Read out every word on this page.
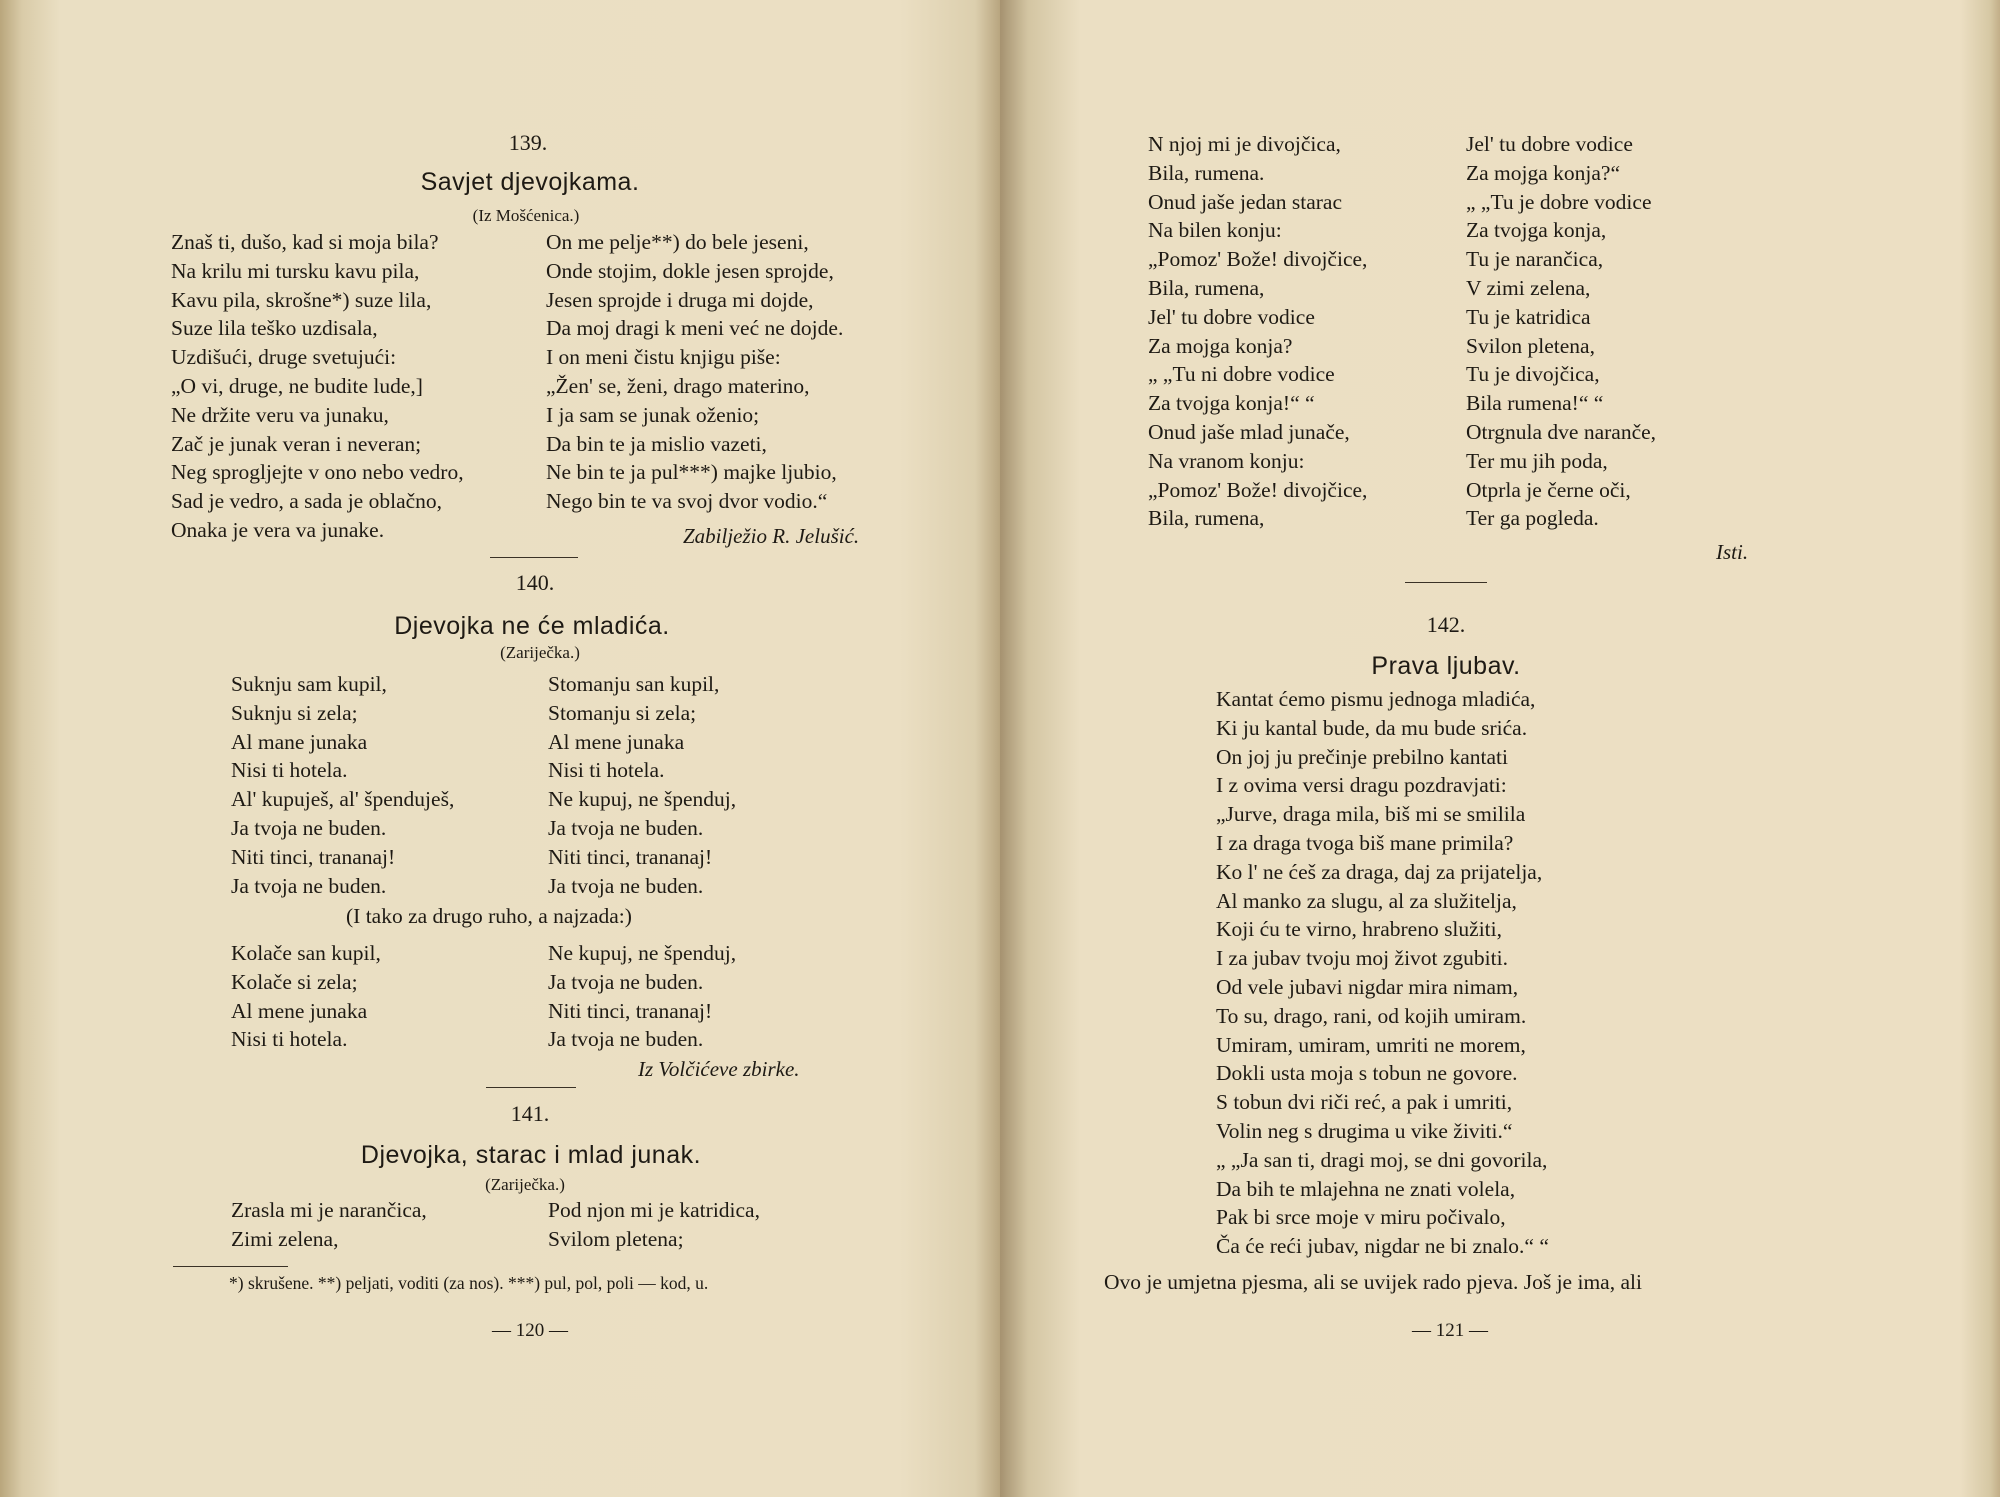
139.
Savjet djevojkama.
(Iz Mošćenica.)
Znaš ti, dušo, kad si moja bila?
Na krilu mi tursku kavu pila,
Kavu pila, skrošne*) suze lila,
Suze lila teško uzdisala,
Uzdišući, druge svetujući:
„O vi, druge, ne budite lude,]
Ne držite veru va junaku,
Zač je junak veran i neveran;
Neg sprogljejte v ono nebo vedro,
Sad je vedro, a sada je oblačno,
Onaka je vera va junake.
On me pelje**) do bele jeseni,
Onde stojim, dokle jesen sprojde,
Jesen sprojde i druga mi dojde,
Da moj dragi k meni već ne dojde.
I on meni čistu knjigu piše:
„Žen' se, ženi, drago materino,
I ja sam se junak oženio;
Da bin te ja mislio vazeti,
Ne bin te ja pul***) majke ljubio,
Nego bin te va svoj dvor vodio.“
Zabilježio R. Jelušić.
140.
Djevojka ne će mladića.
(Zariječka.)
Suknju sam kupil,
Suknju si zela;
Al mane junaka
Nisi ti hotela.
Al' kupuješ, al' špenduješ,
Ja tvoja ne buden.
Niti tinci, trananaj!
Ja tvoja ne buden.
Stomanju san kupil,
Stomanju si zela;
Al mene junaka
Nisi ti hotela.
Ne kupuj, ne špenduj,
Ja tvoja ne buden.
Niti tinci, trananaj!
Ja tvoja ne buden.
(I tako za drugo ruho, a najzada:)
Kolače san kupil,
Kolače si zela;
Al mene junaka
Nisi ti hotela.
Ne kupuj, ne špenduj,
Ja tvoja ne buden.
Niti tinci, trananaj!
Ja tvoja ne buden.
Iz Volčićeve zbirke.
141.
Djevojka, starac i mlad junak.
(Zariječka.)
Zrasla mi je narančica,
Zimi zelena,
Pod njon mi je katridica,
Svilom pletena;
*) skrušene. **) peljati, voditi (za nos). ***) pul, pol, poli — kod, u.
— 120 —
N njoj mi je divojčica,
Bila, rumena.
Onud jaše jedan starac
Na bilen konju:
„Pomoz' Bože! divojčice,
Bila, rumena,
Jel' tu dobre vodice
Za mojga konja?
„ „Tu ni dobre vodice
Za tvojga konja!“ “
Onud jaše mlad junače,
Na vranom konju:
„Pomoz' Bože! divojčice,
Bila, rumena,
Jel' tu dobre vodice
Za mojga konja?“
„ „Tu je dobre vodice
Za tvojga konja,
Tu je narančica,
V zimi zelena,
Tu je katridica
Svilon pletena,
Tu je divojčica,
Bila rumena!“ “
Otrgnula dve narančе,
Ter mu jih poda,
Otprla je černe oči,
Ter ga pogleda.
Isti.
142.
Prava ljubav.
Kantat ćemo pismu jednoga mladića,
Ki ju kantal bude, da mu bude srića.
On joj ju prečinje prebilno kantati
I z ovima versi dragu pozdravjati:
„Jurve, draga mila, biš mi se smilila
I za draga tvoga biš mane primila?
Ko l' ne ćeš za draga, daj za prijatelja,
Al manko za slugu, al za služitelja,
Koji ću te virno, hrabreno služiti,
I za jubav tvoju moj život zgubiti.
Od vele jubavi nigdar mira nimam,
To su, drago, rani, od kojih umiram.
Umiram, umiram, umriti ne morem,
Dokli usta moja s tobun ne govore.
S tobun dvi riči reć, a pak i umriti,
Volin neg s drugima u vike živiti.“
„ „Ja san ti, dragi moj, se dni govorila,
Da bih te mlajehna ne znati volela,
Pak bi srce moje v miru počivalo,
Ča će reći jubav, nigdar ne bi znalo.“ “
Ovo je umjetna pjesma, ali se uvijek rado pjeva. Još je ima, ali
— 121 —
